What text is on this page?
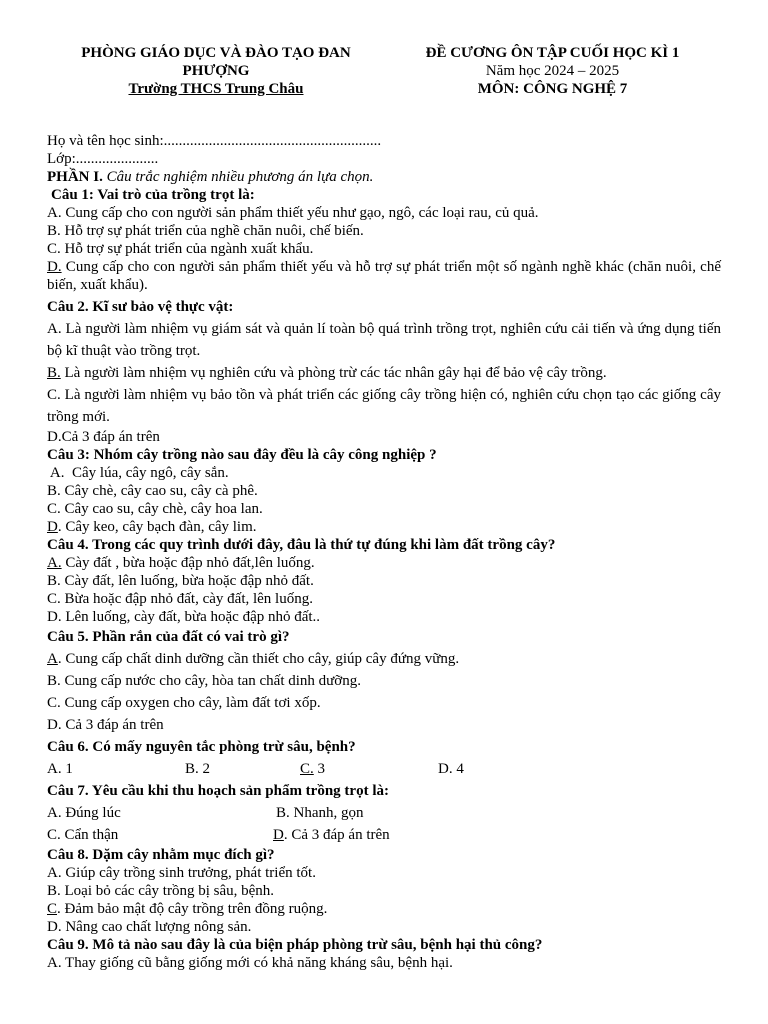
PHÒNG GIÁO DỤC VÀ ĐÀO TẠO ĐAN
PHƯỢNG
Trường THCS Trung Châu
ĐỀ CƯƠNG ÔN TẬP CUỐI HỌC KÌ 1
Năm học 2024 – 2025
MÔN: CÔNG NGHỆ 7
Họ và tên học sinh:..........................................................
Lớp:......................
PHẦN I. Câu trắc nghiệm nhiều phương án lựa chọn.
Câu 1: Vai trò của trồng trọt là:
A. Cung cấp cho con người sản phẩm thiết yếu như gạo, ngô, các loại rau, củ quả.
B. Hỗ trợ sự phát triển của nghề chăn nuôi, chế biến.
C. Hỗ trợ sự phát triển của ngành xuất khẩu.
D. Cung cấp cho con người sản phẩm thiết yếu và hỗ trợ sự phát triển một số ngành nghề khác (chăn nuôi, chế biến, xuất khẩu).
Câu 2. Kĩ sư bảo vệ thực vật:
A. Là người làm nhiệm vụ giám sát và quản lí toàn bộ quá trình trồng trọt, nghiên cứu cải tiến và ứng dụng tiến bộ kĩ thuật vào trồng trọt.
B. Là người làm nhiệm vụ nghiên cứu và phòng trừ các tác nhân gây hại để bảo vệ cây trồng.
C. Là người làm nhiệm vụ bảo tồn và phát triển các giống cây trồng hiện có, nghiên cứu chọn tạo các giống cây trồng mới.
D.Cả 3 đáp án trên
Câu 3: Nhóm cây trồng nào sau đây đều là cây công nghiệp ?
A.  Cây lúa, cây ngô, cây sắn.
B. Cây chè, cây cao su, cây cà phê.
C. Cây cao su, cây chè, cây hoa lan.
D. Cây keo, cây bạch đàn, cây lim.
Câu 4. Trong các quy trình dưới đây, đâu là thứ tự đúng khi làm đất trồng cây?
A. Cày đất , bừa hoặc đập nhỏ đất,lên luống.
B. Cày đất, lên luống, bừa hoặc đập nhỏ đất.
C. Bừa hoặc đập nhỏ đất, cày đất, lên luống.
D. Lên luống, cày đất, bừa hoặc đập nhỏ đất..
Câu 5. Phần rắn của đất có vai trò gì?
A. Cung cấp chất dinh dưỡng cần thiết cho cây, giúp cây đứng vững.
B. Cung cấp nước cho cây, hòa tan chất dinh dưỡng.
C. Cung cấp oxygen cho cây, làm đất tơi xốp.
D. Cả 3 đáp án trên
Câu 6. Có mấy nguyên tắc phòng trừ sâu, bệnh?
A. 1	B. 2	C. 3	D. 4
Câu 7. Yêu cầu khi thu hoạch sản phẩm trồng trọt là:
A. Đúng lúc	B. Nhanh, gọn
C. Cẩn thận	D. Cả 3 đáp án trên
Câu 8. Dặm cây nhằm mục đích gì?
A. Giúp cây trồng sinh trưởng, phát triển tốt.
B. Loại bỏ các cây trồng bị sâu, bệnh.
C. Đảm bảo mật độ cây trồng trên đồng ruộng.
D. Nâng cao chất lượng nông sản.
Câu 9. Mô tả nào sau đây là của biện pháp phòng trừ sâu, bệnh hại thủ công?
A. Thay giống cũ bằng giống mới có khả năng kháng sâu, bệnh hại.
